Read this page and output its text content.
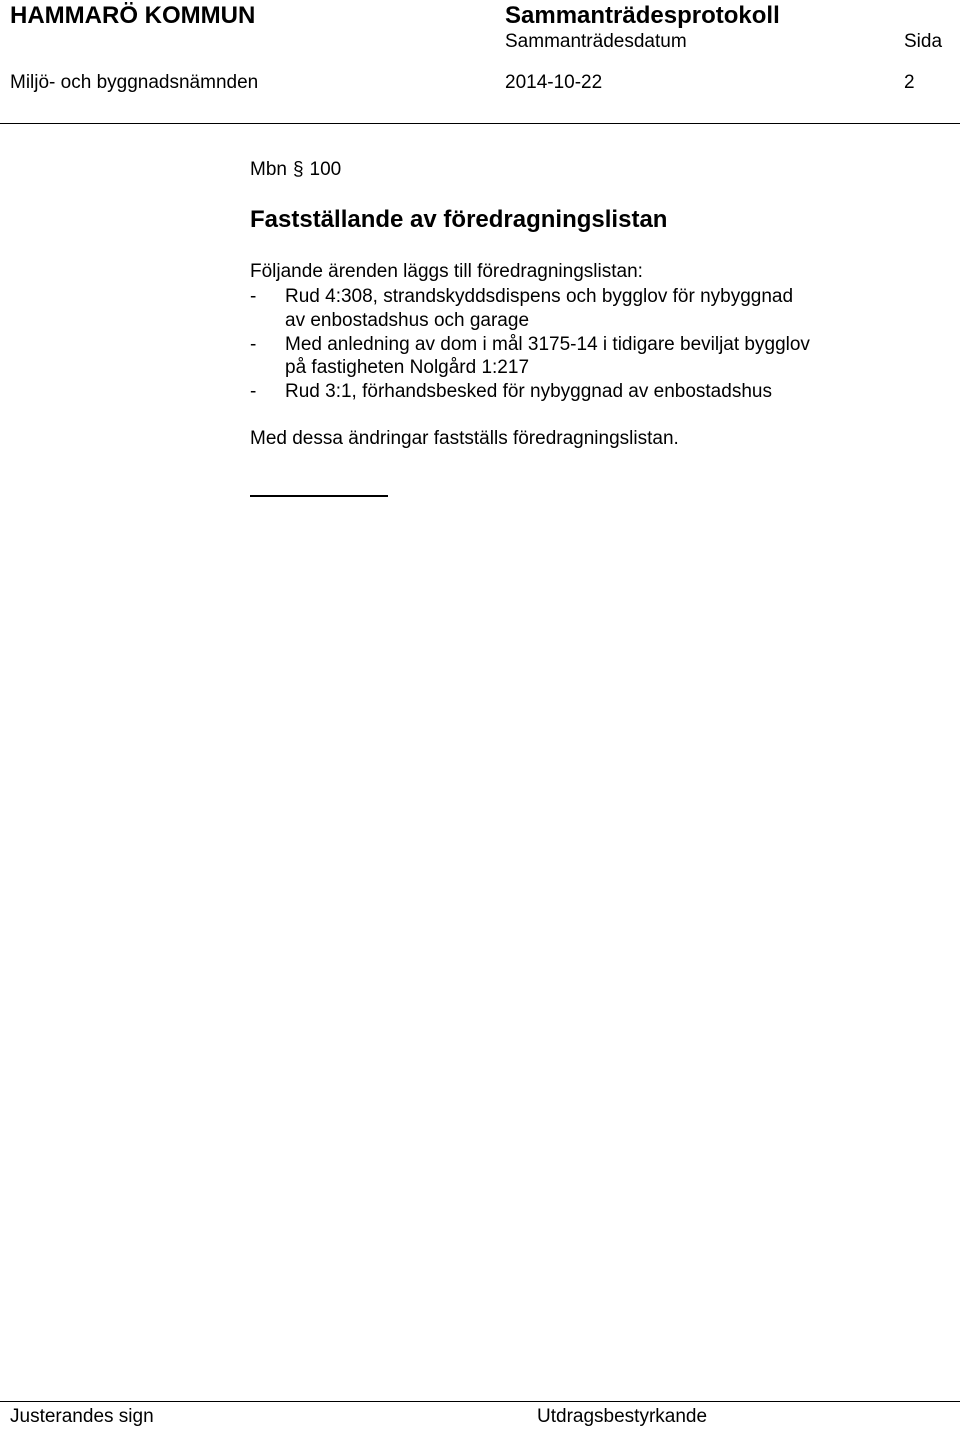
HAMMARÖ KOMMUN	Sammanträdesprotokoll
Sammanträdesdatum	Sida
Miljö- och byggnadsnämnden	2014-10-22	2
Mbn § 100
Fastställande av föredragningslistan
Följande ärenden läggs till föredragningslistan:
-	Rud 4:308, strandskyddsdispens och bygglov för nybyggnad
av enbostadshus och garage
-	Med anledning av dom i mål 3175-14 i tidigare beviljat bygglov
på fastigheten Nolgård 1:217
-	Rud 3:1, förhandsbesked för nybyggnad av enbostadshus
Med dessa ändringar fastställs föredragningslistan.
Justerandes sign	Utdragsbestyrkande
